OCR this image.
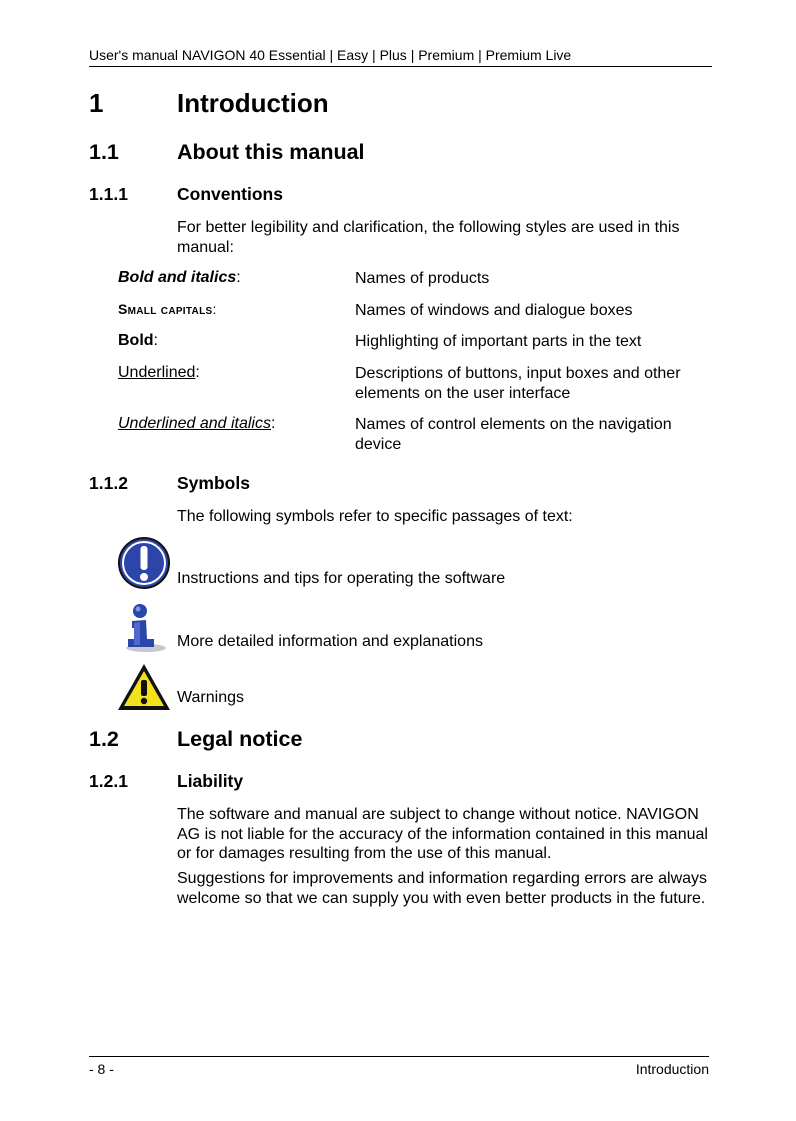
User's manual NAVIGON 40 Essential | Easy | Plus | Premium | Premium Live
1	Introduction
1.1	About this manual
1.1.1	Conventions
For better legibility and clarification, the following styles are used in this manual:
Bold and italics:	Names of products
Small capitals:	Names of windows and dialogue boxes
Bold:	Highlighting of important parts in the text
Underlined:	Descriptions of buttons, input boxes and other elements on the user interface
Underlined and italics:	Names of control elements on the navigation device
1.1.2	Symbols
The following symbols refer to specific passages of text:
Instructions and tips for operating the software
More detailed information and explanations
Warnings
1.2	Legal notice
1.2.1	Liability
The software and manual are subject to change without notice. NAVIGON AG is not liable for the accuracy of the information contained in this manual or for damages resulting from the use of this manual.
Suggestions for improvements and information regarding errors are always welcome so that we can supply you with even better products in the future.
- 8 -	Introduction
